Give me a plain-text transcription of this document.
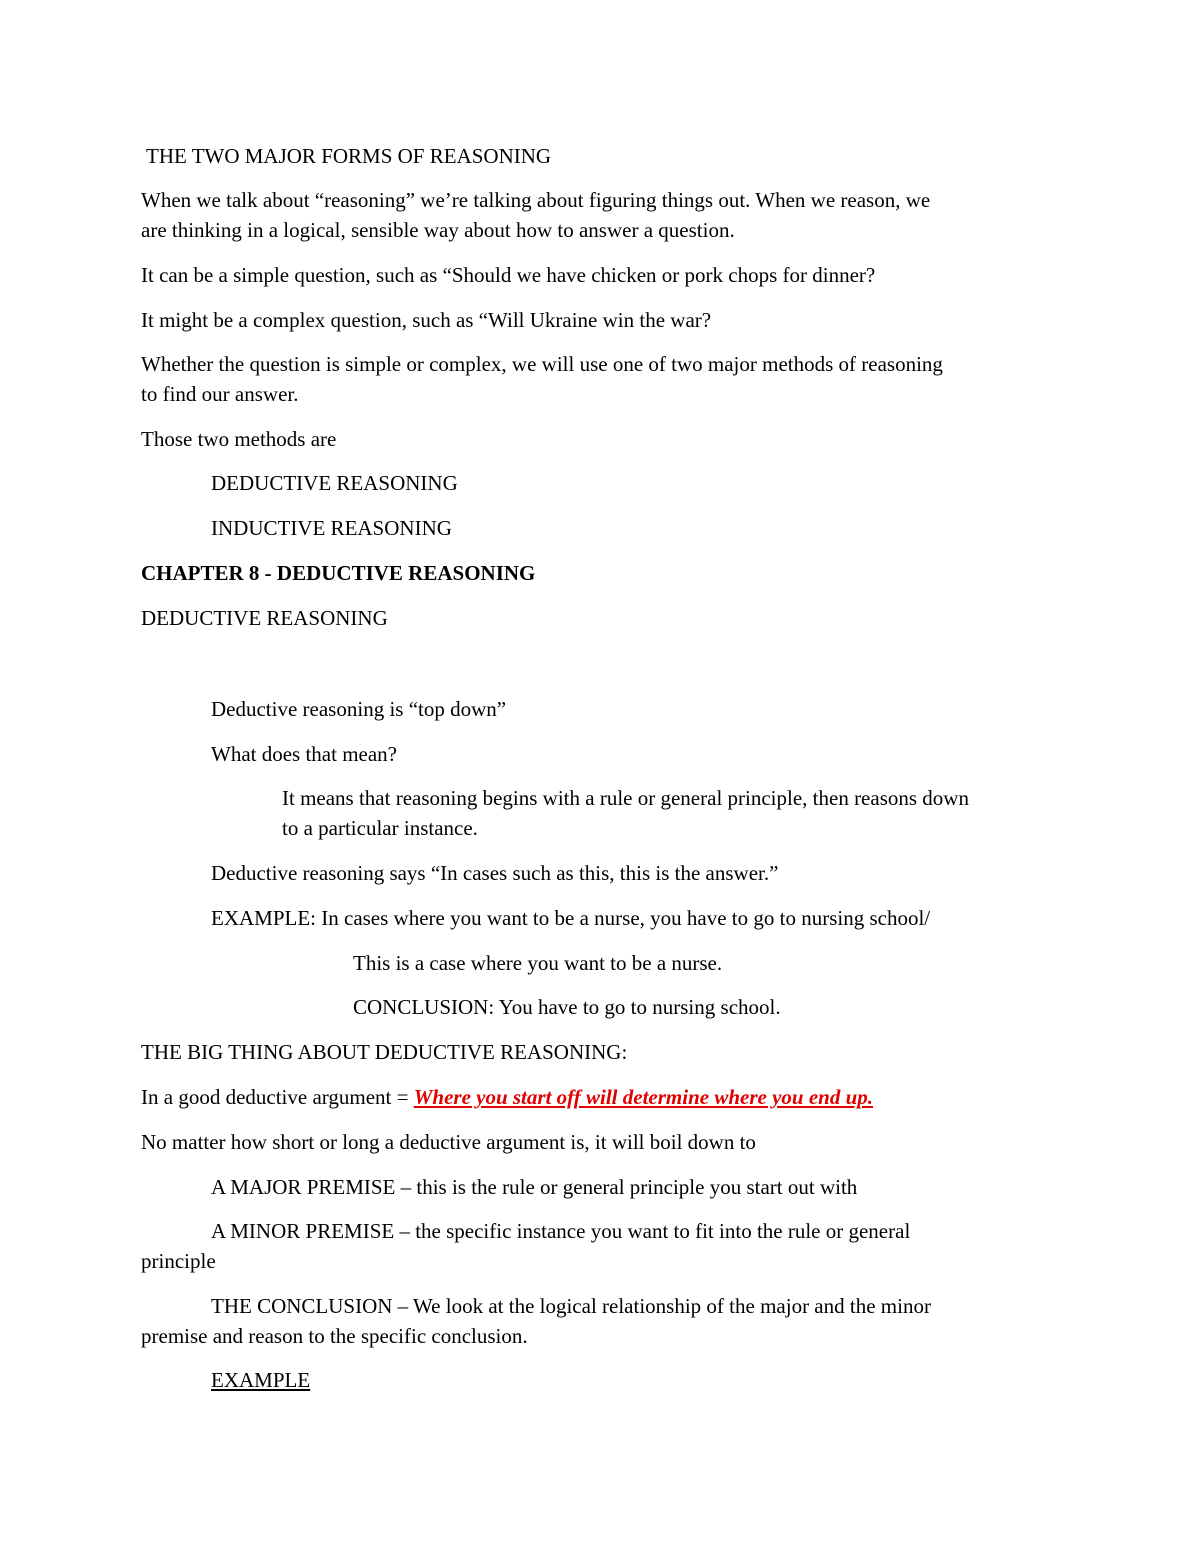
THE TWO MAJOR FORMS OF REASONING
When we talk about “reasoning” we’re talking about figuring things out. When we reason, we
are thinking in a logical, sensible way about how to answer a question.
It can be a simple question, such as “Should we have chicken or pork chops for dinner?
It might be a complex question, such as “Will Ukraine win the war?
Whether the question is simple or complex, we will use one of two major methods of reasoning
to find our answer.
Those two methods are
DEDUCTIVE REASONING
INDUCTIVE REASONING
CHAPTER 8 - DEDUCTIVE REASONING
DEDUCTIVE REASONING
Deductive reasoning is “top down”
What does that mean?
It means that reasoning begins with a rule or general principle, then reasons down
to a particular instance.
Deductive reasoning says “In cases such as this, this is the answer.”
EXAMPLE: In cases where you want to be a nurse, you have to go to nursing school/
This is a case where you want to be a nurse.
CONCLUSION: You have to go to nursing school.
THE BIG THING ABOUT DEDUCTIVE REASONING:
In a good deductive argument = Where you start off will determine where you end up.
No matter how short or long a deductive argument is, it will boil down to
A MAJOR PREMISE – this is the rule or general principle you start out with
A MINOR PREMISE – the specific instance you want to fit into the rule or general
principle
THE CONCLUSION – We look at the logical relationship of the major and the minor
premise and reason to the specific conclusion.
EXAMPLE
